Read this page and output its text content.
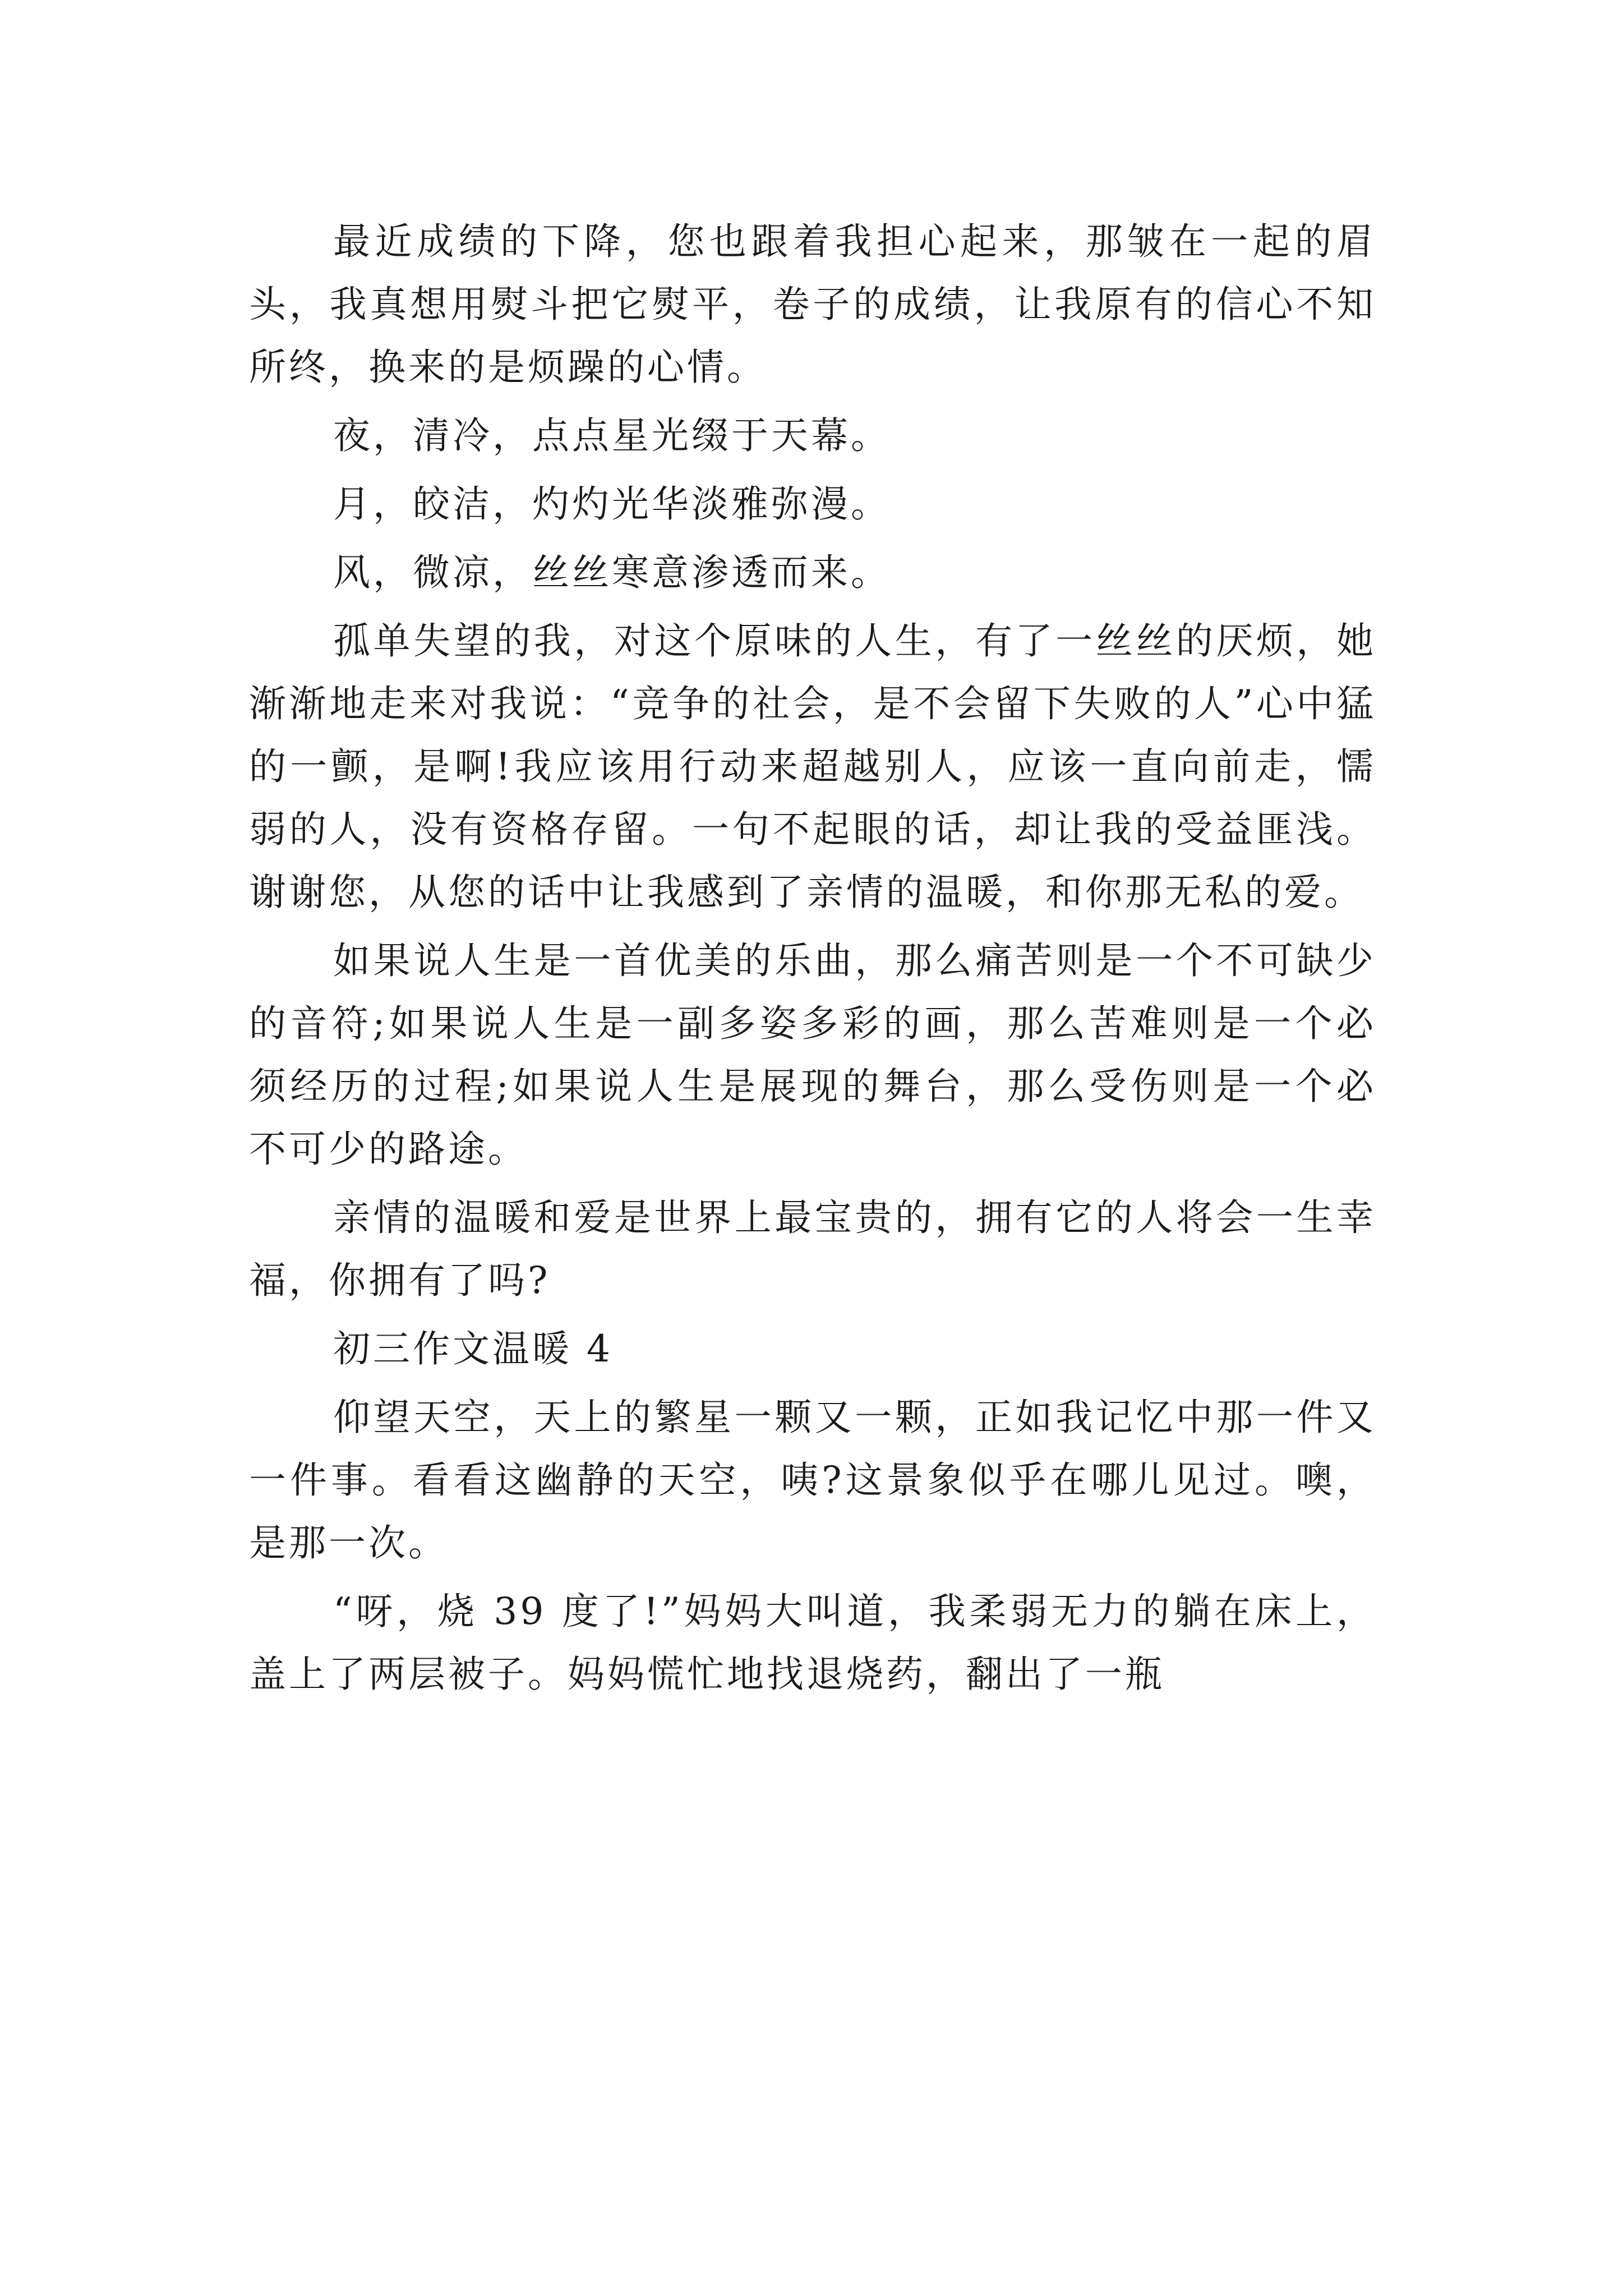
最近成绩的下降，您也跟着我担心起来，那皱在一起的眉头，我真想用熨斗把它熨平，卷子的成绩，让我原有的信心不知所终，换来的是烦躁的心情。

夜，清冷，点点星光缀于天幕。

月，皎洁，灼灼光华淡雅弥漫。

风，微凉，丝丝寒意渗透而来。

孤单失望的我，对这个原味的人生，有了一丝丝的厌烦，她渐渐地走来对我说：“竞争的社会，是不会留下失败的人”心中猛的一颤，是啊!我应该用行动来超越别人，应该一直向前走，懦弱的人，没有资格存留。一句不起眼的话，却让我的受益匪浅。谢谢您，从您的话中让我感到了亲情的温暖，和你那无私的爱。

如果说人生是一首优美的乐曲，那么痛苦则是一个不可缺少的音符;如果说人生是一副多姿多彩的画，那么苦难则是一个必须经历的过程;如果说人生是展现的舞台，那么受伤则是一个必不可少的路途。

亲情的温暖和爱是世界上最宝贵的，拥有它的人将会一生幸福，你拥有了吗?

初三作文温暖 4

仰望天空，天上的繁星一颗又一颗，正如我记忆中那一件又一件事。看看这幽静的天空，咦?这景象似乎在哪儿见过。噢，是那一次。

“呀，烧 39 度了!”妈妈大叫道，我柔弱无力的躺在床上，盖上了两层被子。妈妈慌忙地找退烧药，翻出了一瓶
